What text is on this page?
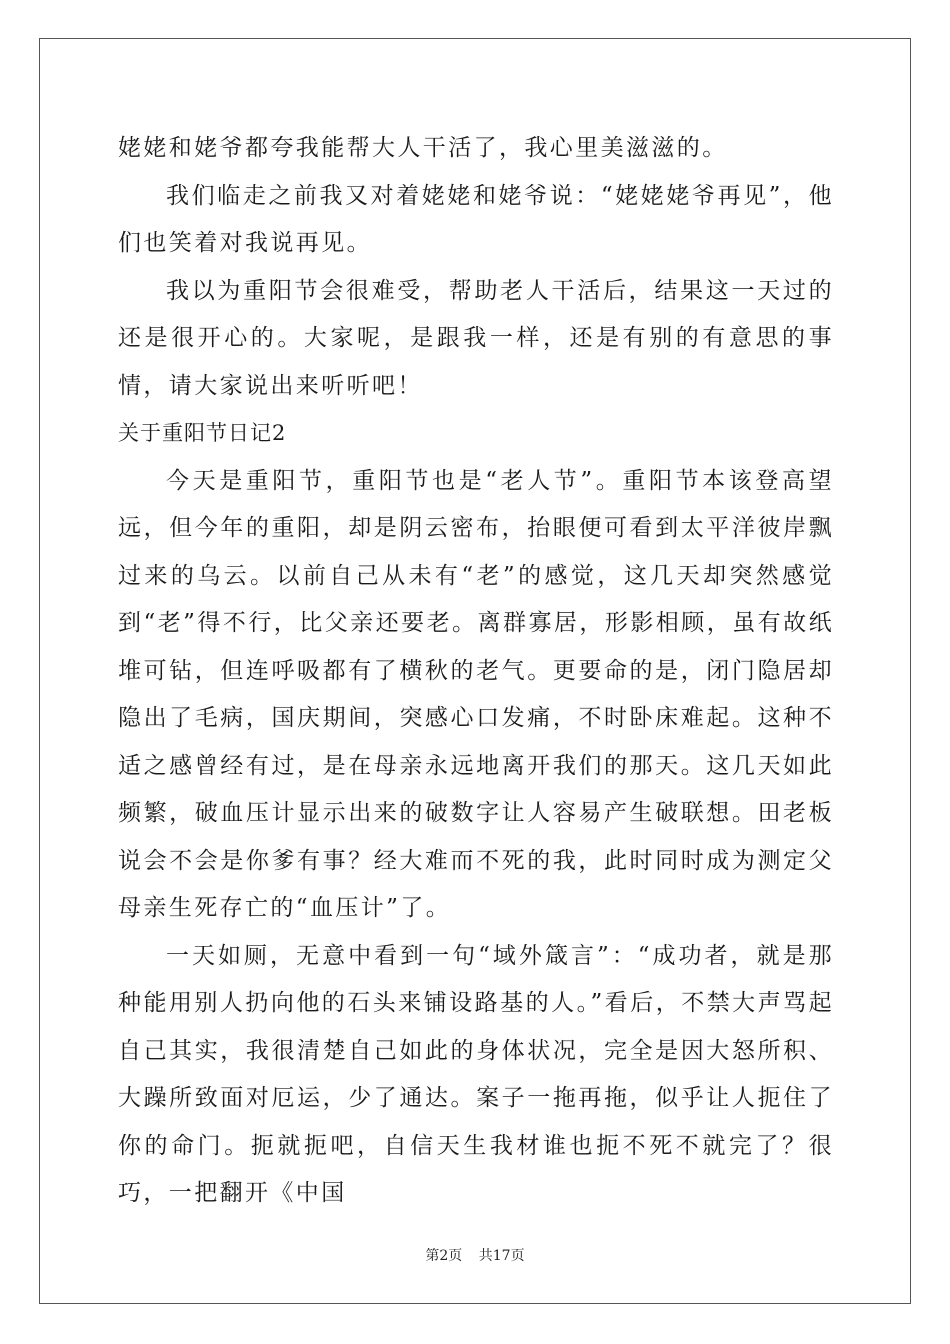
姥姥和姥爷都夸我能帮大人干活了，我心里美滋滋的。

我们临走之前我又对着姥姥和姥爷说：“姥姥姥爷再见”，他们也笑着对我说再见。

我以为重阳节会很难受，帮助老人干活后，结果这一天过的还是很开心的。大家呢，是跟我一样，还是有别的有意思的事情，请大家说出来听听吧！

关于重阳节日记2

今天是重阳节，重阳节也是“老人节”。重阳节本该登高望远，但今年的重阳，却是阴云密布，抬眼便可看到太平洋彼岸飘过来的乌云。以前自己从未有“老”的感觉，这几天却突然感觉到“老”得不行，比父亲还要老。离群寡居，形影相顾，虽有故纸堆可钻，但连呼吸都有了横秋的老气。更要命的是，闭门隐居却隐出了毛病，国庆期间，突感心口发痛，不时卧床难起。这种不适之感曾经有过，是在母亲永远地离开我们的那天。这几天如此频繁，破血压计显示出来的破数字让人容易产生破联想。田老板说会不会是你爹有事？经大难而不死的我，此时同时成为测定父母亲生死存亡的“血压计”了。

一天如厕，无意中看到一句“域外箴言”：“成功者，就是那种能用别人扔向他的石头来铺设路基的人。”看后，不禁大声骂起自己其实，我很清楚自己如此的身体状况，完全是因大怒所积、大躁所致面对厄运，少了通达。案子一拖再拖，似乎让人扼住了你的命门。扼就扼吧，自信天生我材谁也扼不死不就完了？很巧，一把翻开《中国

第2页 共17页
